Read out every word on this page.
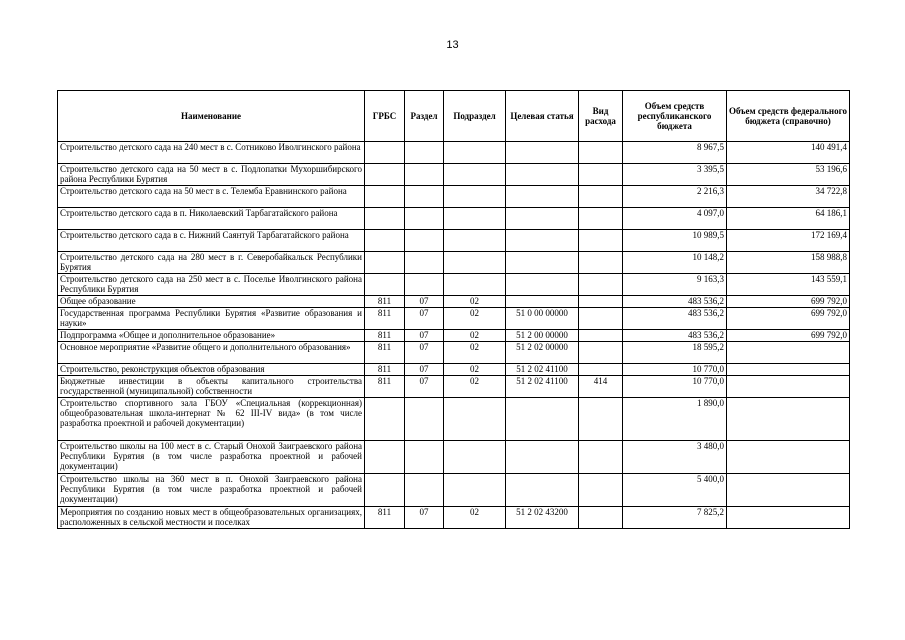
13
Наименование	ГРБС	Раздел	Подраздел	Целевая статья	Вид расхода	Объем средств республиканского бюджета	Объем средств федерального бюджета (справочно)
Строительство детского сада на 240 мест в с. Сотниково Иволгинского района						8 967,5	140 491,4
Строительство детского сада на 50 мест в с. Подлопатки Мухоршибирского района Республики Бурятия						3 395,5	53 196,6
Строительство детского сада на 50 мест в с. Телемба Еравнинского района						2 216,3	34 722,8
Строительство детского сада в п. Николаевский Тарбагатайского района						4 097,0	64 186,1
Строительство детского сада в с. Нижний Саянтуй Тарбагатайского района						10 989,5	172 169,4
Строительство детского сада на 280 мест в г. Северобайкальск Республики Бурятия						10 148,2	158 988,8
Строительство детского сада на 250 мест в с. Поселье Иволгинского района Республики Бурятия						9 163,3	143 559,1
Общее образование	811	07	02			483 536,2	699 792,0
Государственная программа Республики Бурятия «Развитие образования и науки»	811	07	02	51 0 00 00000		483 536,2	699 792,0
Подпрограмма «Общее и дополнительное образование»	811	07	02	51 2 00 00000		483 536,2	699 792,0
Основное мероприятие «Развитие общего и дополнительного образования»	811	07	02	51 2 02 00000		18 595,2	
Строительство, реконструкция объектов образования	811	07	02	51 2 02 41100		10 770,0	
Бюджетные инвестиции в объекты капитального строительства государственной (муниципальной) собственности	811	07	02	51 2 02 41100	414	10 770,0	
Строительство спортивного зала ГБОУ «Специальная (коррекционная) общеобразовательная школа-интернат № 62 III-IV вида» (в том числе разработка проектной и рабочей документации)						1 890,0	
Строительство школы на 100 мест в с. Старый Онохой Заиграевского района Республики Бурятия (в том числе разработка проектной и рабочей документации)						3 480,0	
Строительство школы на 360 мест в п. Онохой Заиграевского района Республики Бурятия (в том числе разработка проектной и рабочей документации)						5 400,0	
Мероприятия по созданию новых мест в общеобразовательных организациях, расположенных в сельской местности и поселках	811	07	02	51 2 02 43200		7 825,2	
